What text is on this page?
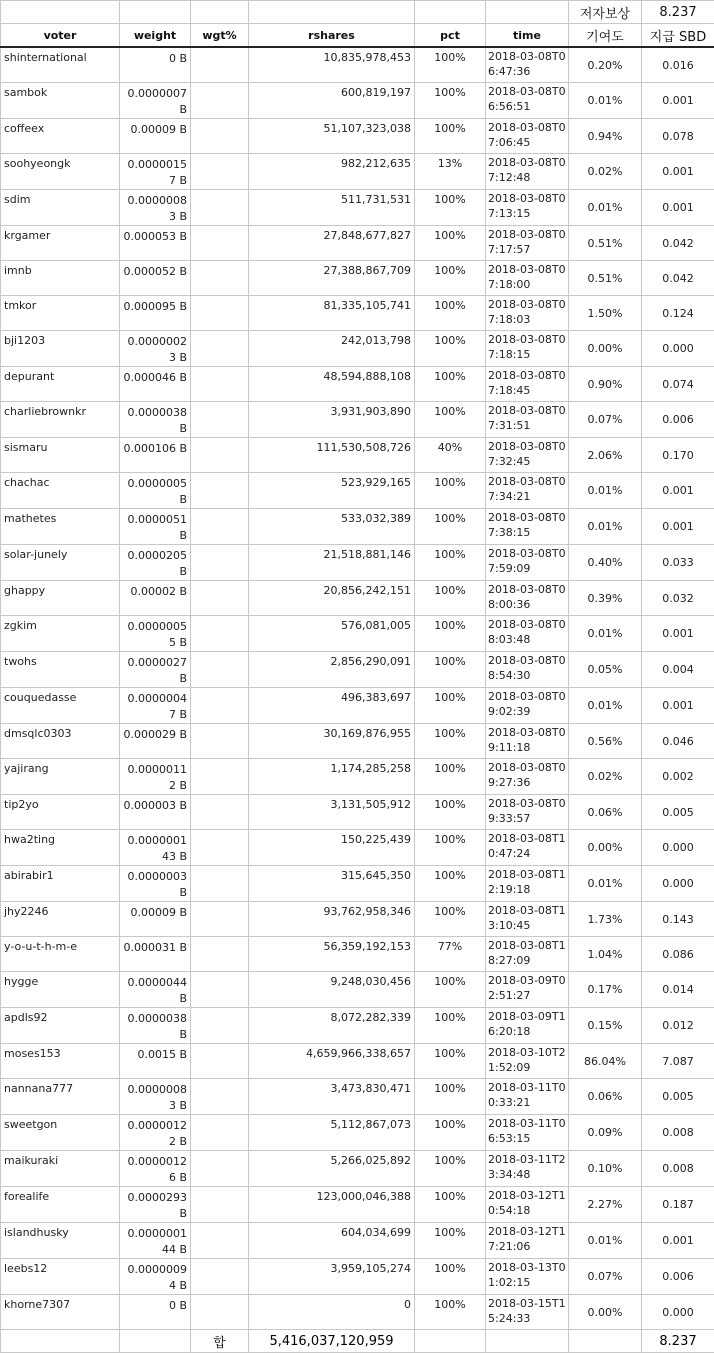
						저자보상	8.237
voter	weight	wgt%	rshares	pct	time	기여도	지급 SBD
shinternational	0 B		10,835,978,453	100%	2018-03-08T06:47:36	0.20%	0.016
sambok	0.0000007 B		600,819,197	100%	2018-03-08T06:56:51	0.01%	0.001
coffeex	0.00009 B		51,107,323,038	100%	2018-03-08T07:06:45	0.94%	0.078
soohyeongk	0.00000157 B		982,212,635	13%	2018-03-08T07:12:48	0.02%	0.001
sdim	0.00000083 B		511,731,531	100%	2018-03-08T07:13:15	0.01%	0.001
krgamer	0.000053 B		27,848,677,827	100%	2018-03-08T07:17:57	0.51%	0.042
imnb	0.000052 B		27,388,867,709	100%	2018-03-08T07:18:00	0.51%	0.042
tmkor	0.000095 B		81,335,105,741	100%	2018-03-08T07:18:03	1.50%	0.124
bji1203	0.00000023 B		242,013,798	100%	2018-03-08T07:18:15	0.00%	0.000
depurant	0.000046 B		48,594,888,108	100%	2018-03-08T07:18:45	0.90%	0.074
charliebrownkr	0.0000038 B		3,931,903,890	100%	2018-03-08T07:31:51	0.07%	0.006
sismaru	0.000106 B		111,530,508,726	40%	2018-03-08T07:32:45	2.06%	0.170
chachac	0.0000005 B		523,929,165	100%	2018-03-08T07:34:21	0.01%	0.001
mathetes	0.0000051 B		533,032,389	100%	2018-03-08T07:38:15	0.01%	0.001
solar-junely	0.0000205 B		21,518,881,146	100%	2018-03-08T07:59:09	0.40%	0.033
ghappy	0.00002 B		20,856,242,151	100%	2018-03-08T08:00:36	0.39%	0.032
zgkim	0.00000055 B		576,081,005	100%	2018-03-08T08:03:48	0.01%	0.001
twohs	0.0000027 B		2,856,290,091	100%	2018-03-08T08:54:30	0.05%	0.004
couquedasse	0.00000047 B		496,383,697	100%	2018-03-08T09:02:39	0.01%	0.001
dmsqlc0303	0.000029 B		30,169,876,955	100%	2018-03-08T09:11:18	0.56%	0.046
yajirang	0.00000112 B		1,174,285,258	100%	2018-03-08T09:27:36	0.02%	0.002
tip2yo	0.000003 B		3,131,505,912	100%	2018-03-08T09:33:57	0.06%	0.005
hwa2ting	0.000000143 B		150,225,439	100%	2018-03-08T10:47:24	0.00%	0.000
abirabir1	0.0000003 B		315,645,350	100%	2018-03-08T12:19:18	0.01%	0.000
jhy2246	0.00009 B		93,762,958,346	100%	2018-03-08T13:10:45	1.73%	0.143
y-o-u-t-h-m-e	0.000031 B		56,359,192,153	77%	2018-03-08T18:27:09	1.04%	0.086
hygge	0.0000044 B		9,248,030,456	100%	2018-03-09T02:51:27	0.17%	0.014
apdls92	0.0000038 B		8,072,282,339	100%	2018-03-09T16:20:18	0.15%	0.012
moses153	0.0015 B		4,659,966,338,657	100%	2018-03-10T21:52:09	86.04%	7.087
nannana777	0.00000083 B		3,473,830,471	100%	2018-03-11T00:33:21	0.06%	0.005
sweetgon	0.00000122 B		5,112,867,073	100%	2018-03-11T06:53:15	0.09%	0.008
maikuraki	0.00000126 B		5,266,025,892	100%	2018-03-11T23:34:48	0.10%	0.008
forealife	0.0000293 B		123,000,046,388	100%	2018-03-12T10:54:18	2.27%	0.187
islandhusky	0.000000144 B		604,034,699	100%	2018-03-12T17:21:06	0.01%	0.001
leebs12	0.00000094 B		3,959,105,274	100%	2018-03-13T01:02:15	0.07%	0.006
khorne7307	0 B		0	100%	2018-03-15T15:24:33	0.00%	0.000
		합	5,416,037,120,959				8.237
